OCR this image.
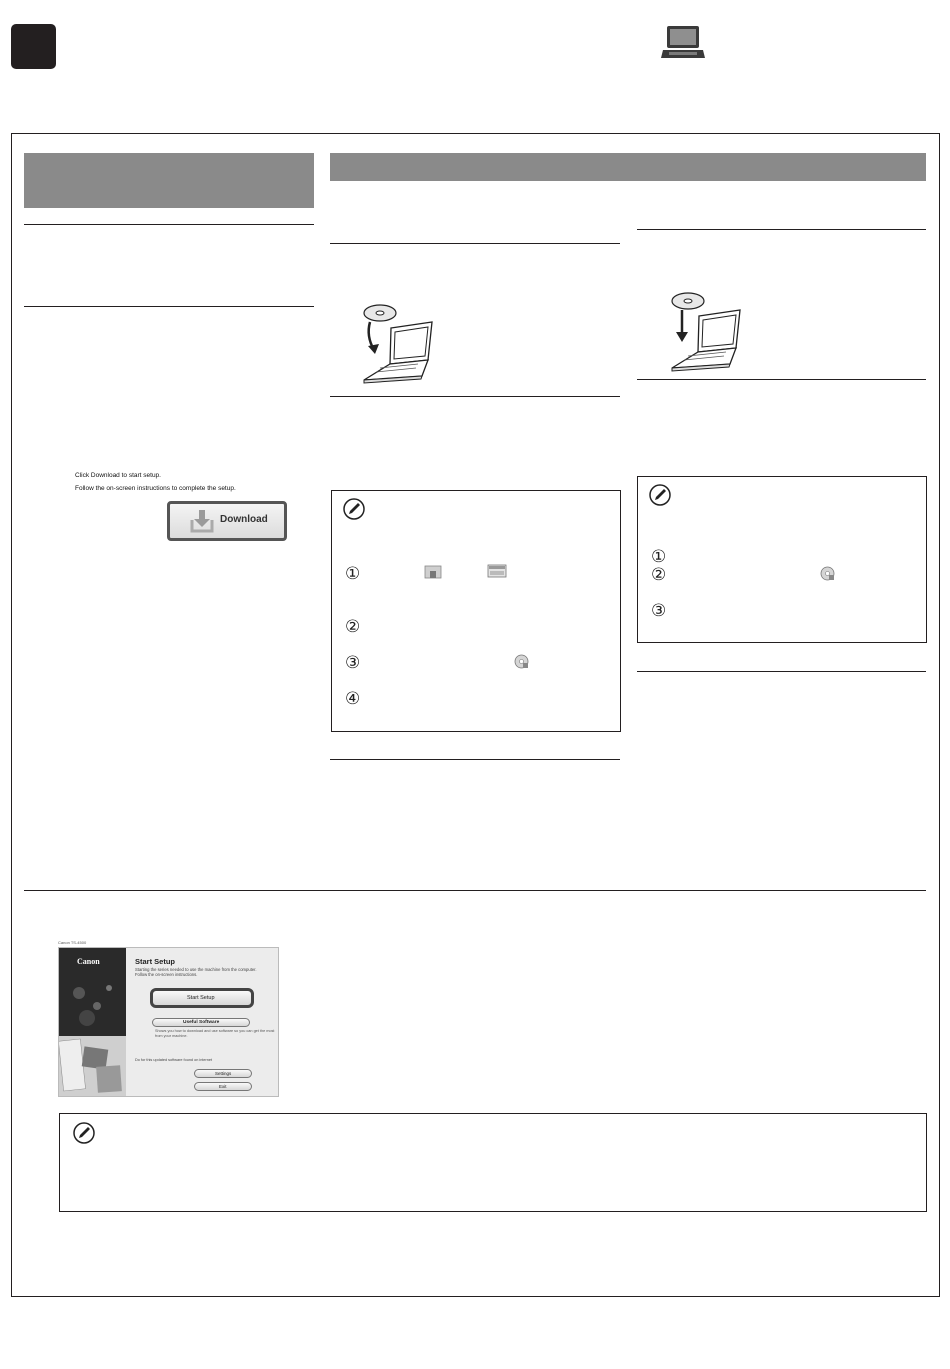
Click Download to start setup.
Follow the on-screen instructions to complete the setup.
Download
①
②
③
④
①
②
③
Canon TS-4500
Canon	Start Setup
Starting the series needed to use the machine from the computer.
Follow the on-screen instructions.
Start Setup
Useful Software
Shows you how to download and use software so you can get the most
from your machine.
Do for this updated software found on internet
Settings
Exit
